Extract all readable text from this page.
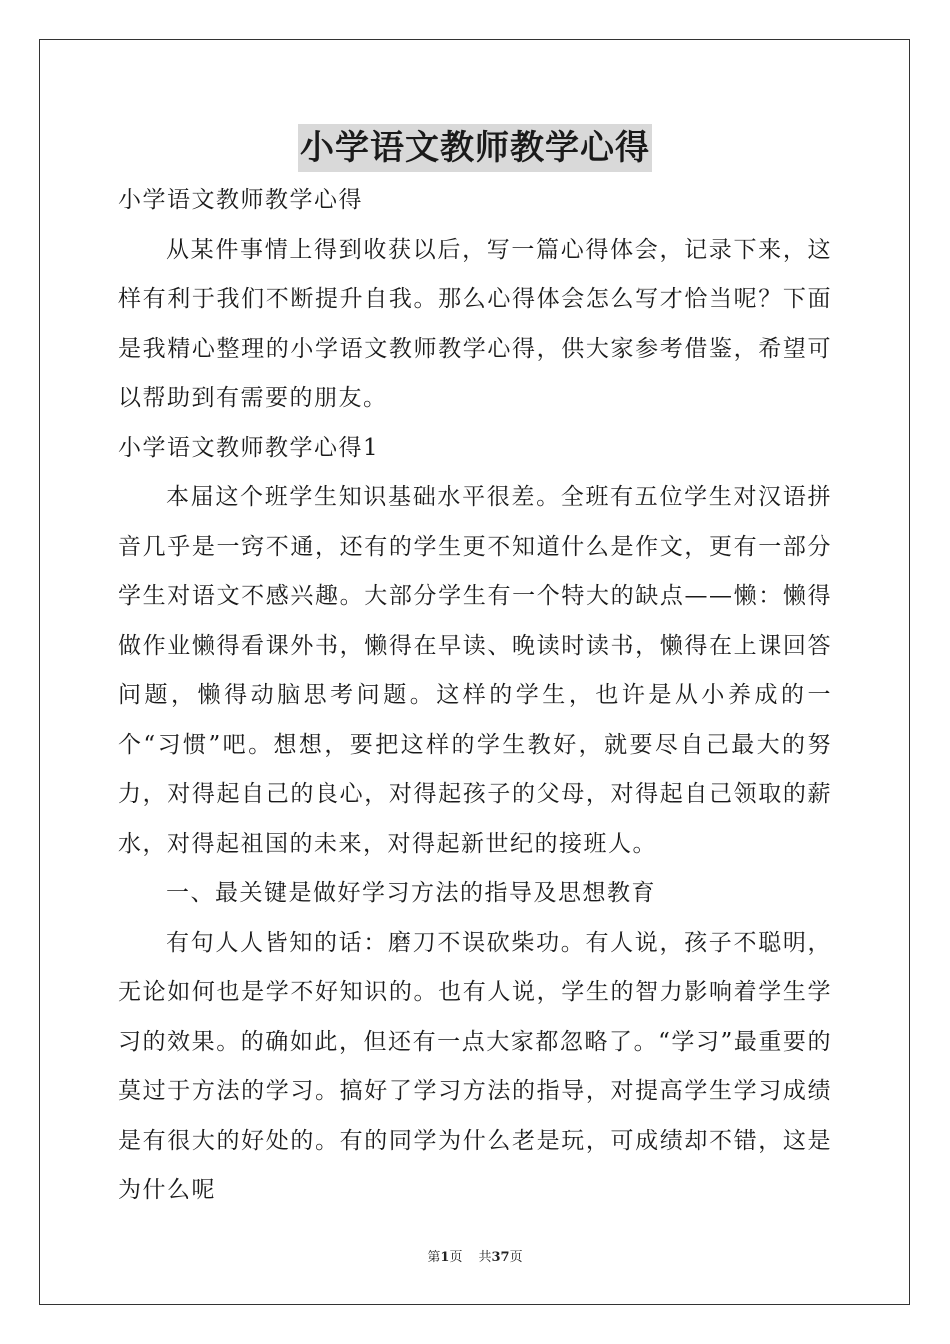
小学语文教师教学心得

小学语文教师教学心得

从某件事情上得到收获以后，写一篇心得体会，记录下来，这样有利于我们不断提升自我。那么心得体会怎么写才恰当呢？下面是我精心整理的小学语文教师教学心得，供大家参考借鉴，希望可以帮助到有需要的朋友。

小学语文教师教学心得1

本届这个班学生知识基础水平很差。全班有五位学生对汉语拼音几乎是一窍不通，还有的学生更不知道什么是作文，更有一部分学生对语文不感兴趣。大部分学生有一个特大的缺点——懒：懒得做作业懒得看课外书，懒得在早读、晚读时读书，懒得在上课回答问题，懒得动脑思考问题。这样的学生，也许是从小养成的一个“习惯”吧。想想，要把这样的学生教好，就要尽自己最大的努力，对得起自己的良心，对得起孩子的父母，对得起自己领取的薪水，对得起祖国的未来，对得起新世纪的接班人。

一、最关键是做好学习方法的指导及思想教育

有句人人皆知的话：磨刀不误砍柴功。有人说，孩子不聪明，无论如何也是学不好知识的。也有人说，学生的智力影响着学生学习的效果。的确如此，但还有一点大家都忽略了。“学习”最重要的莫过于方法的学习。搞好了学习方法的指导，对提高学生学习成绩是有很大的好处的。有的同学为什么老是玩，可成绩却不错，这是为什么呢

第1页 共37页
